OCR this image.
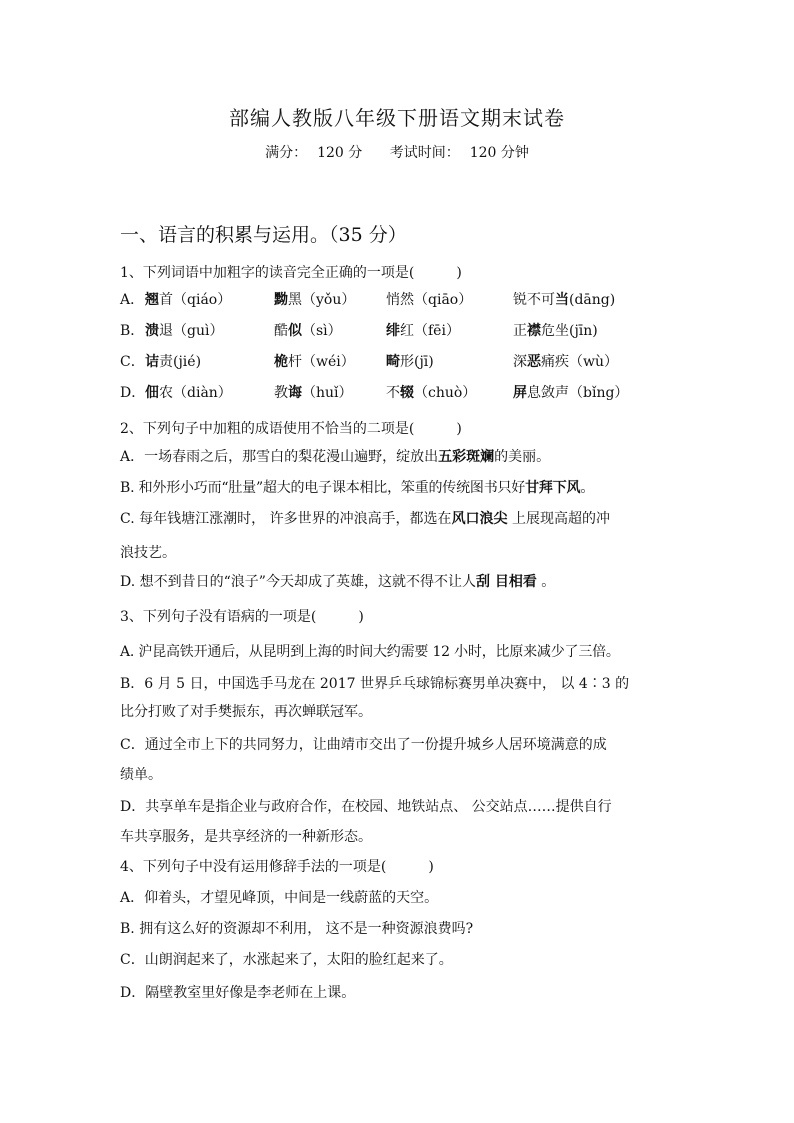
部编人教版八年级下册语文期末试卷
满分： 120 分 考试时间： 120 分钟
一、语言的积累与运用。（35 分）
1、下列词语中加粗字的读音完全正确的一项是(　　　)
A． 翘首（qiáo）	黝黑（yǒu） 悄然（qiāo）	锐不可当(dāng)
B． 溃退（guì）	酷似（sì）	绯红（fēi）	正襟危坐(jīn)
C． 诘责(jié)	桅杆（wéi） 畸形(jī)	深恶痛疾（wù）
D． 佃农（diàn）	教诲（huǐ） 不辍（chuò）	屏息敛声（bǐng）
2、下列句子中加粗的成语使用不恰当的二项是(　　　)
A．一场春雨之后，那雪白的梨花漫山遍野，绽放出五彩斑斓的美丽。
B. 和外形小巧而“肚量”超大的电子课本相比，笨重的传统图书只好甘拜下风。
C. 每年钱塘江涨潮时， 许多世界的冲浪高手，都选在风口浪尖 上展现高超的冲
浪技艺。
D. 想不到昔日的“浪子”今天却成了英雄，这就不得不让人刮 目相看 。
3、下列句子没有语病的一项是(　　　)
A. 沪昆高铁开通后，从昆明到上海的时间大约需要 12 小时，比原来减少了三倍。
B．6 月 5 日，中国选手马龙在 2017 世界乒乓球锦标赛男单决赛中， 以 4∶3 的
比分打败了对手樊振东，再次蝉联冠军。
C．通过全市上下的共同努力，让曲靖市交出了一份提升城乡人居环境满意的成
绩单。
D．共享单车是指企业与政府合作，在校园、地铁站点、 公交站点……提供自行
车共享服务，是共享经济的一种新形态。
4、下列句子中没有运用修辞手法的一项是(　　　)
A．仰着头，才望见峰顶，中间是一线蔚蓝的天空。
B. 拥有这么好的资源却不利用， 这不是一种资源浪费吗?
C．山朗润起来了，水涨起来了，太阳的脸红起来了。
D．隔壁教室里好像是李老师在上课。
